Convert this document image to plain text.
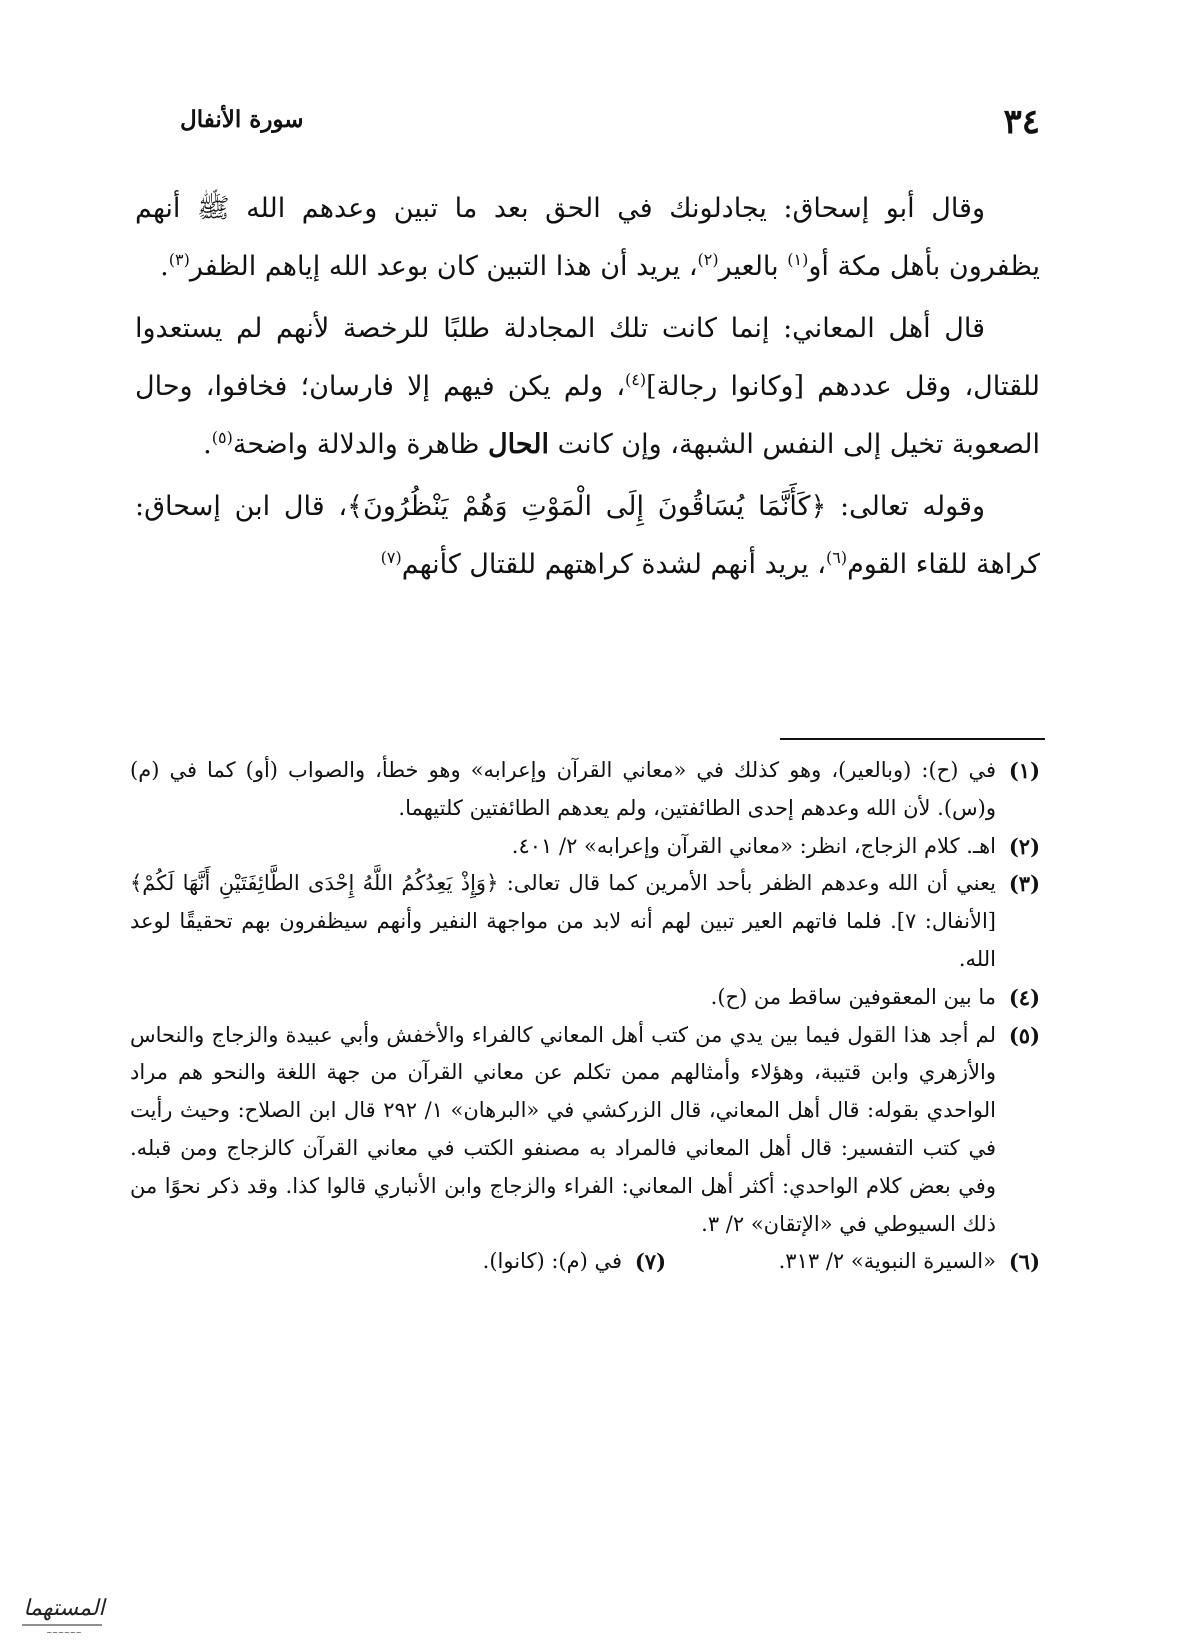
٣٤
سورة الأنفال

وقال أبو إسحاق: يجادلونك في الحق بعد ما تبين وعدهم الله ﷺ أنهم يظفرون بأهل مكة أو$^{(١)}$ بالعير$^{(٢)}$، يريد أن هذا التبين كان بوعد الله إياهم الظفر$^{(٣)}$.

قال أهل المعاني: إنما كانت تلك المجادلة طلبًا للرخصة لأنهم لم يستعدوا للقتال، وقل عددهم [وكانوا رجالة]$^{(٤)}$، ولم يكن فيهم إلا فارسان؛ فخافوا، وحال الصعوبة تخيل إلى النفس الشبهة، وإن كانت الحال ظاهرة والدلالة واضحة$^{(٥)}$.

وقوله تعالى: ﴿كَأَنَّمَا يُسَاقُونَ إِلَى الْمَوْتِ وَهُمْ يَنْظُرُونَ﴾، قال ابن إسحاق: كراهة للقاء القوم$^{(٦)}$، يريد أنهم لشدة كراهتهم للقتال كأنهم$^{(٧)}$

(١)
في (ح): (وبالعير)، وهو كذلك في «معاني القرآن وإعرابه» وهو خطأ، والصواب (أو) كما في (م) و(س). لأن الله وعدهم إحدى الطائفتين، ولم يعدهم الطائفتين كلتيهما.
(٢)
اهـ. كلام الزجاج، انظر: «معاني القرآن وإعرابه» ٢/ ٤٠١.
(٣)
يعني أن الله وعدهم الظفر بأحد الأمرين كما قال تعالى: ﴿وَإِذْ يَعِدُكُمُ اللَّهُ إِحْدَى الطَّائِفَتَيْنِ أَنَّهَا لَكُمْ﴾ [الأنفال: ٧]. فلما فاتهم العير تبين لهم أنه لابد من مواجهة النفير وأنهم سيظفرون بهم تحقيقًا لوعد الله.
(٤)
ما بين المعقوفين ساقط من (ح).
(٥)
لم أجد هذا القول فيما بين يدي من كتب أهل المعاني كالفراء والأخفش وأبي عبيدة والزجاج والنحاس والأزهري وابن قتيبة، وهؤلاء وأمثالهم ممن تكلم عن معاني القرآن من جهة اللغة والنحو هم مراد الواحدي بقوله: قال أهل المعاني، قال الزركشي في «البرهان» ١/ ٢٩٢ قال ابن الصلاح: وحيث رأيت في كتب التفسير: قال أهل المعاني فالمراد به مصنفو الكتب في معاني القرآن كالزجاج ومن قبله. وفي بعض كلام الواحدي: أكثر أهل المعاني: الفراء والزجاج وابن الأنباري قالوا كذا. وقد ذكر نحوًا من ذلك السيوطي في «الإتقان» ٢/ ٣.
(٦)
«السيرة النبوية» ٢/ ٣١٣.
(٧)
في (م): (كانوا).
المستهما
~~~~~~
